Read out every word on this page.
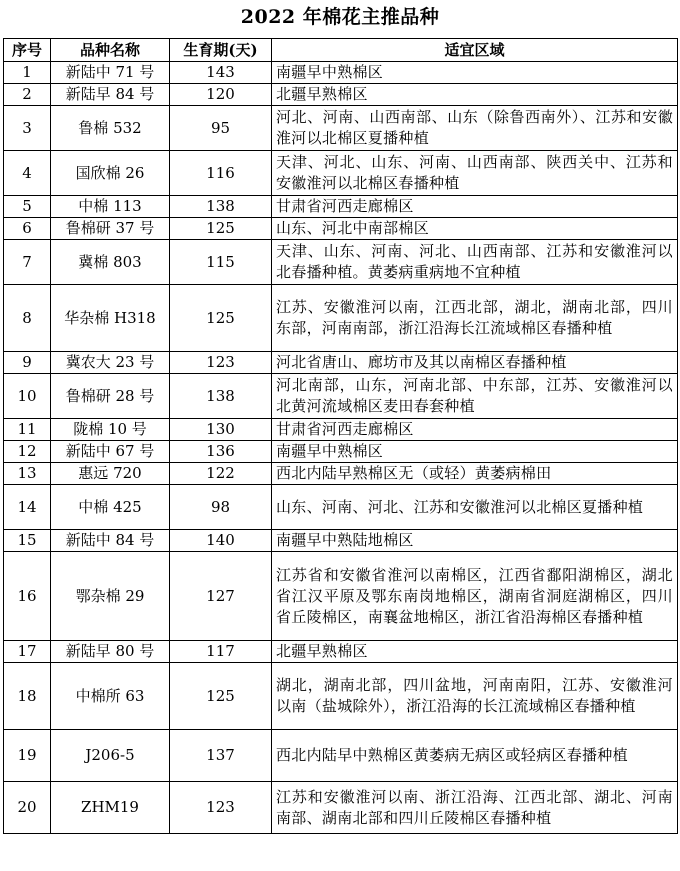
2022 年棉花主推品种
序号	品种名称	生育期(天)	适宜区域
1	新陆中 71 号	143	南疆早中熟棉区
2	新陆早 84 号	120	北疆早熟棉区
3	鲁棉 532	95	河北、河南、山西南部、山东（除鲁西南外）、江苏和安徽淮河以北棉区夏播种植
4	国欣棉 26	116	天津、河北、山东、河南、山西南部、陕西关中、江苏和安徽淮河以北棉区春播种植
5	中棉 113	138	甘肃省河西走廊棉区
6	鲁棉研 37 号	125	山东、河北中南部棉区
7	冀棉 803	115	天津、山东、河南、河北、山西南部、江苏和安徽淮河以北春播种植。黄萎病重病地不宜种植
8	华杂棉 H318	125	江苏、安徽淮河以南，江西北部，湖北，湖南北部，四川东部，河南南部，浙江沿海长江流域棉区春播种植
9	冀农大 23 号	123	河北省唐山、廊坊市及其以南棉区春播种植
10	鲁棉研 28 号	138	河北南部，山东，河南北部、中东部，江苏、安徽淮河以北黄河流域棉区麦田春套种植
11	陇棉 10 号	130	甘肃省河西走廊棉区
12	新陆中 67 号	136	南疆早中熟棉区
13	惠远 720	122	西北内陆早熟棉区无（或轻）黄萎病棉田
14	中棉 425	98	山东、河南、河北、江苏和安徽淮河以北棉区夏播种植
15	新陆中 84 号	140	南疆早中熟陆地棉区
16	鄂杂棉 29	127	江苏省和安徽省淮河以南棉区，江西省鄱阳湖棉区，湖北省江汉平原及鄂东南岗地棉区，湖南省洞庭湖棉区，四川省丘陵棉区，南襄盆地棉区，浙江省沿海棉区春播种植
17	新陆早 80 号	117	北疆早熟棉区
18	中棉所 63	125	湖北，湖南北部，四川盆地，河南南阳，江苏、安徽淮河以南（盐城除外），浙江沿海的长江流域棉区春播种植
19	J206-5	137	西北内陆早中熟棉区黄萎病无病区或轻病区春播种植
20	ZHM19	123	江苏和安徽淮河以南、浙江沿海、江西北部、湖北、河南南部、湖南北部和四川丘陵棉区春播种植
